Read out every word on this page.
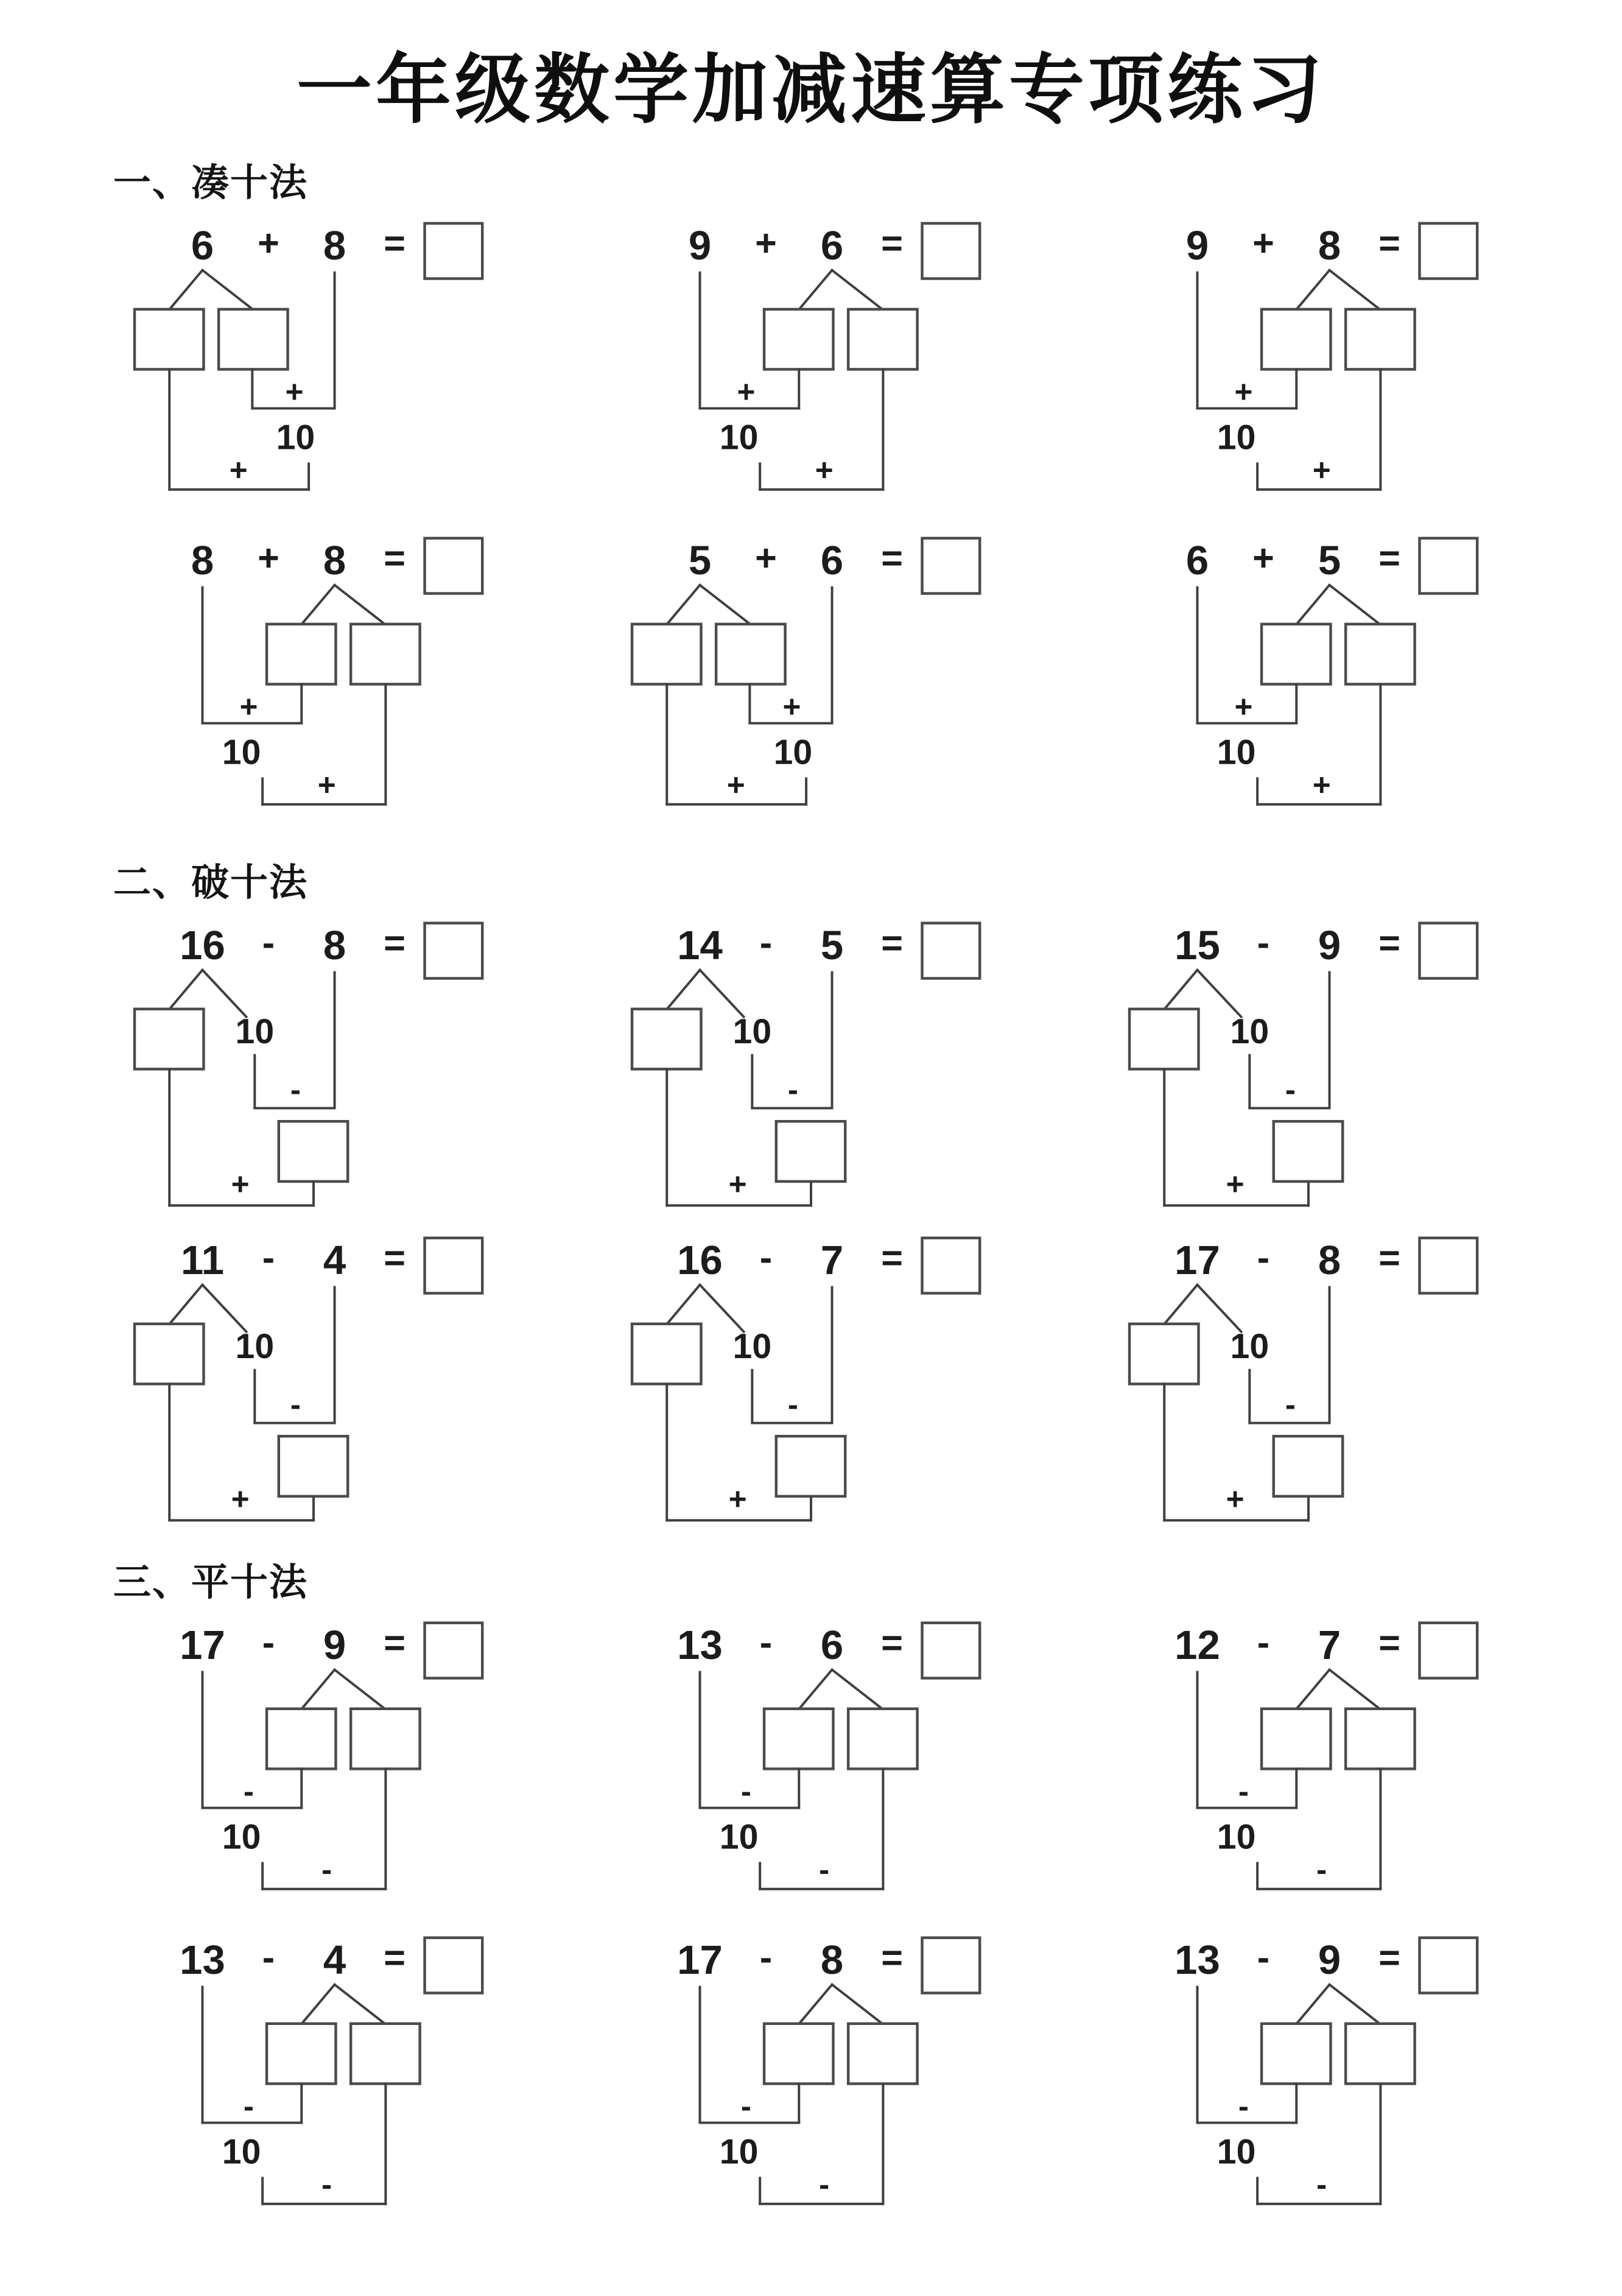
一年级数学加减速算专项练习
一、凑十法
6 + 8 =
+
10
+
9 + 6 =
+
10
+
9 + 8 =
+
10
+
8 + 8 =
+
10
+
5 + 6 =
+
10
+
6 + 5 =
+
10
+
二、破十法
16 - 8 =
10
-
+
14 - 5 =
10
-
+
15 - 9 =
10
-
+
11 - 4 =
10
-
+
16 - 7 =
10
-
+
17 - 8 =
10
-
+
三、平十法
17 - 9 =
-
10
-
13 - 6 =
-
10
-
12 - 7 =
-
10
-
13 - 4 =
-
10
-
17 - 8 =
-
10
-
13 - 9 =
-
10
-
